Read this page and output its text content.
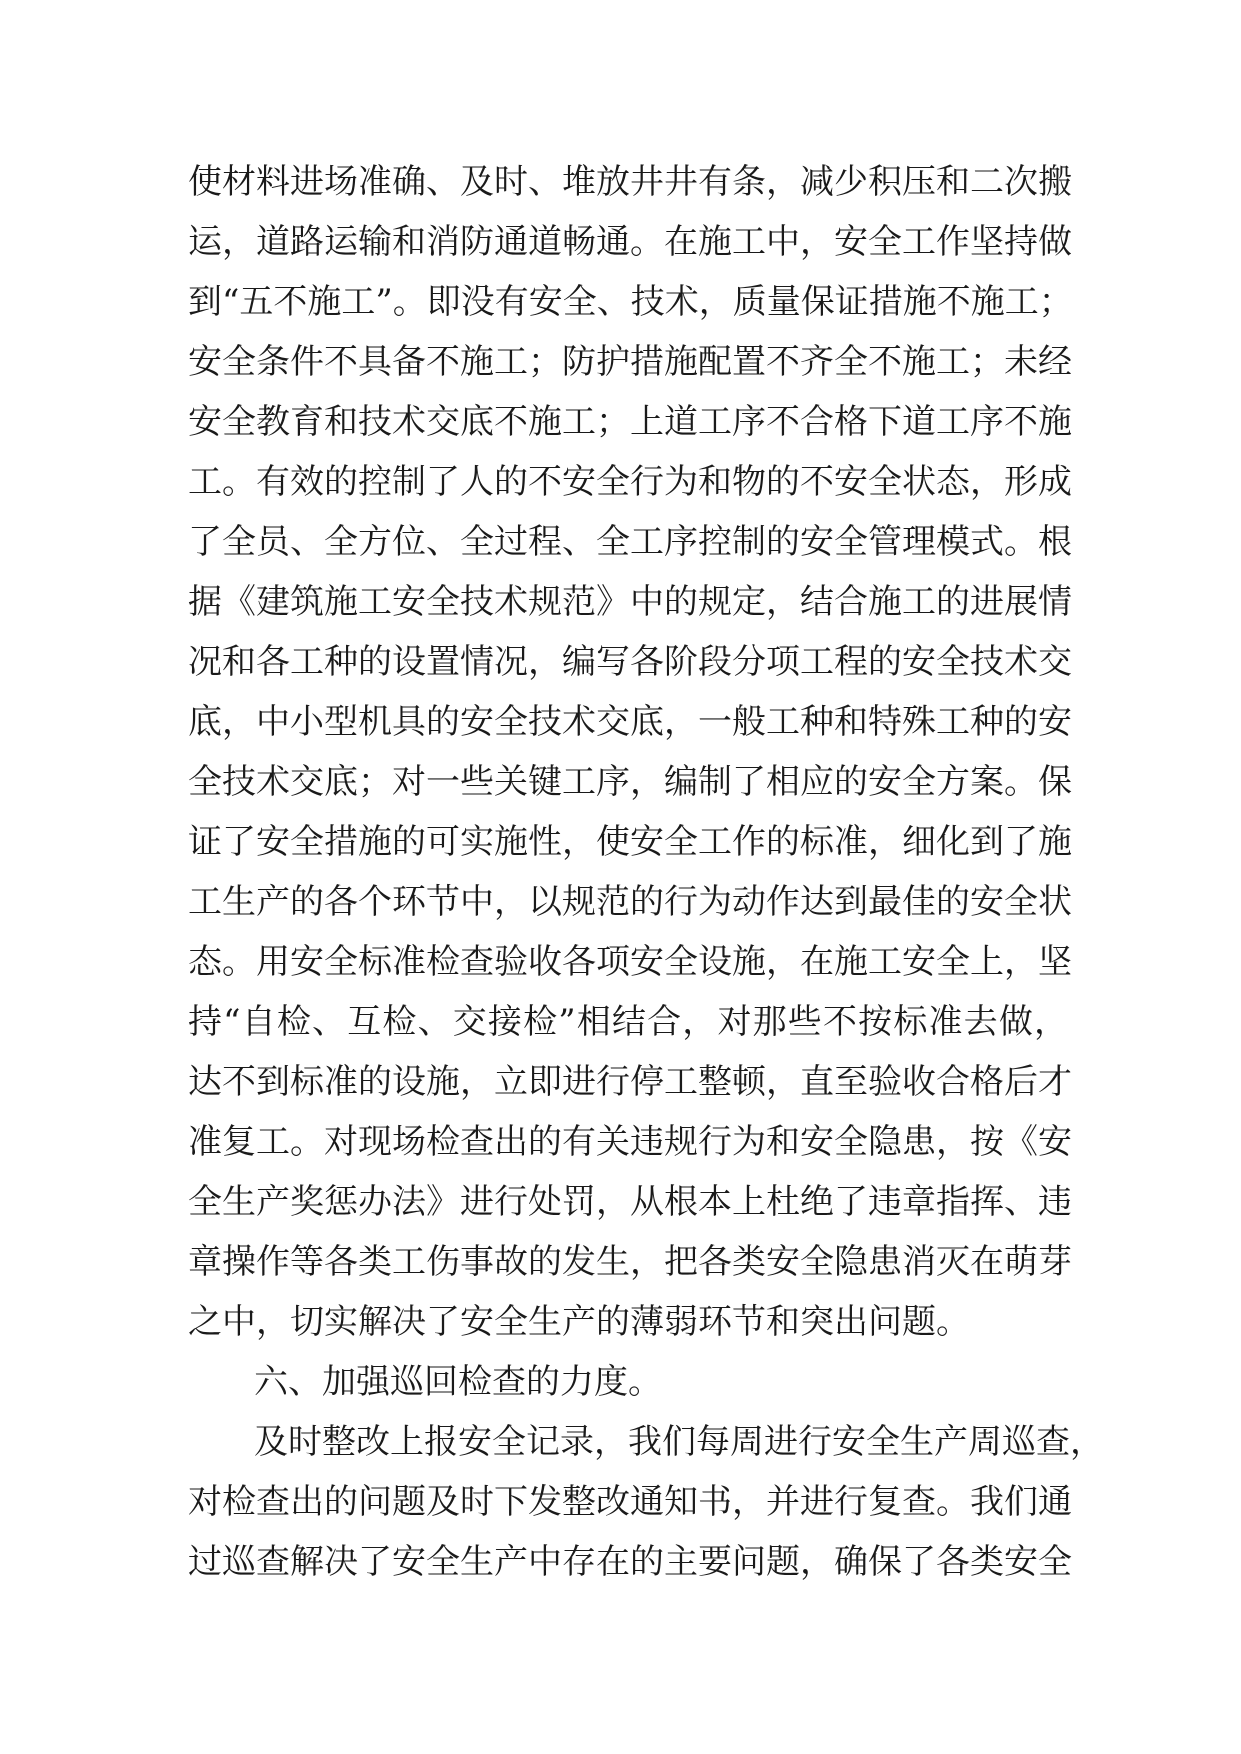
使材料进场准确、及时、堆放井井有条，减少积压和二次搬
运，道路运输和消防通道畅通。在施工中，安全工作坚持做
到“五不施工”。即没有安全、技术，质量保证措施不施工；
安全条件不具备不施工；防护措施配置不齐全不施工；未经
安全教育和技术交底不施工；上道工序不合格下道工序不施
工。有效的控制了人的不安全行为和物的不安全状态，形成
了全员、全方位、全过程、全工序控制的安全管理模式。根
据《建筑施工安全技术规范》中的规定，结合施工的进展情
况和各工种的设置情况，编写各阶段分项工程的安全技术交
底，中小型机具的安全技术交底，一般工种和特殊工种的安
全技术交底；对一些关键工序，编制了相应的安全方案。保
证了安全措施的可实施性，使安全工作的标准，细化到了施
工生产的各个环节中，以规范的行为动作达到最佳的安全状
态。用安全标准检查验收各项安全设施，在施工安全上，坚
持“自检、互检、交接检”相结合，对那些不按标准去做，
达不到标准的设施，立即进行停工整顿，直至验收合格后才
准复工。对现场检查出的有关违规行为和安全隐患，按《安
全生产奖惩办法》进行处罚，从根本上杜绝了违章指挥、违
章操作等各类工伤事故的发生，把各类安全隐患消灭在萌芽
之中，切实解决了安全生产的薄弱环节和突出问题。
六、加强巡回检查的力度。
及时整改上报安全记录，我们每周进行安全生产周巡查，
对检查出的问题及时下发整改通知书，并进行复查。我们通
过巡查解决了安全生产中存在的主要问题，确保了各类安全
